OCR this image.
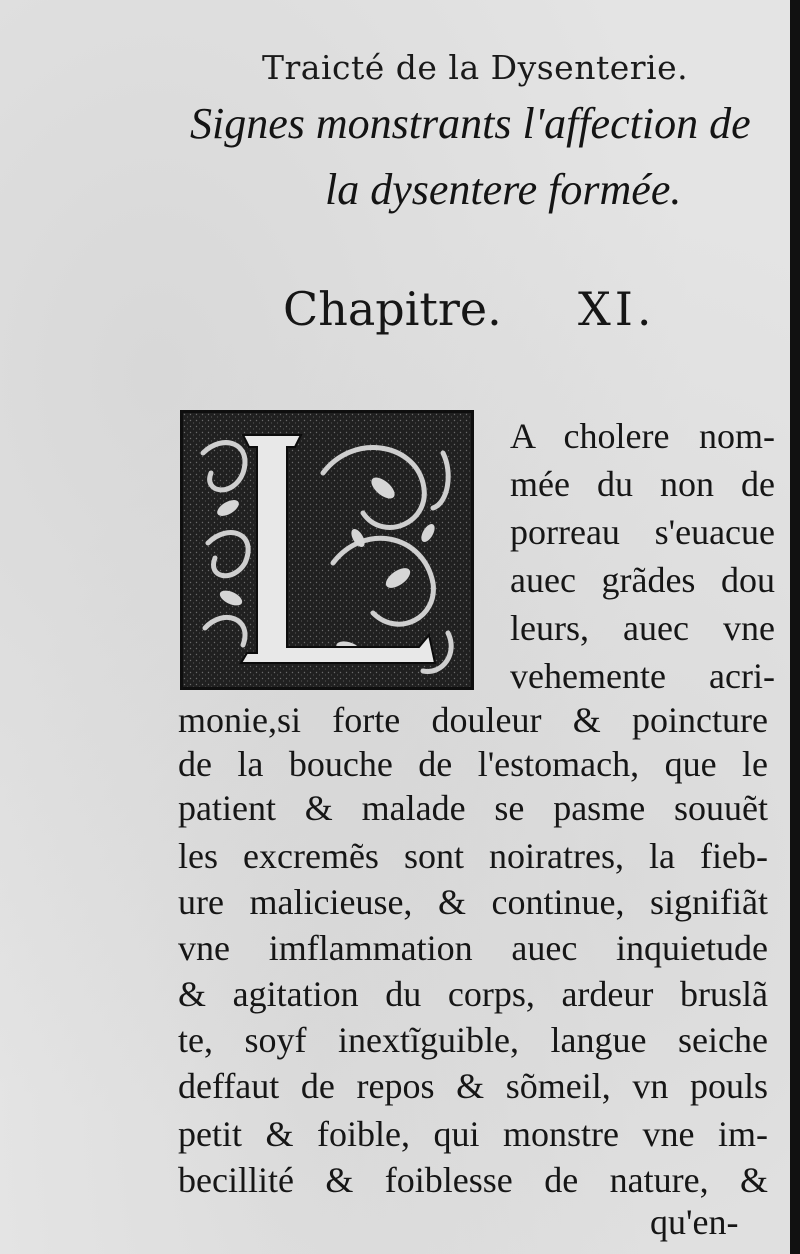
Traicté de la Dysenterie.
Signes monstrants l'affection de
la dysentere formée.
Chapitre. XI.
A cholere nom-
mée du non de
porreau s'euacue
auec grãdes dou
leurs, auec vne
vehemente acri-
monie,si forte douleur & poincture
de la bouche de l'estomach, que le
patient & malade se pasme souuẽt
les excremẽs sont noiratres, la fieb-
ure malicieuse, & continue, signifiãt
vne imflammation auec inquietude
& agitation du corps, ardeur bruslã
te, soyf inextĩguible, langue seiche
deffaut de repos & sõmeil, vn pouls
petit & foible, qui monstre vne im-
becillité & foiblesse de nature, &
qu'en-
